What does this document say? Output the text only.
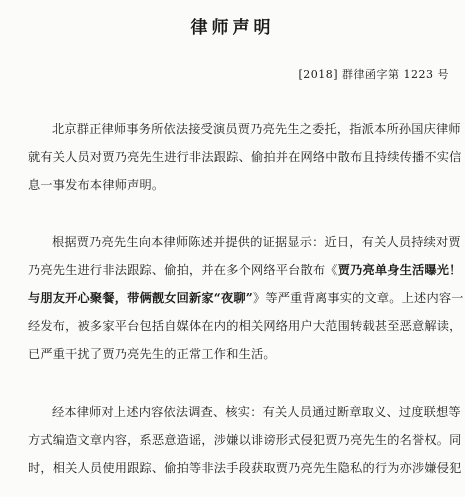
律师声明
[2018] 群律函字第 1223 号
北京群正律师事务所依法接受演员贾乃亮先生之委托，指派本所孙国庆律师
就有关人员对贾乃亮先生进行非法跟踪、偷拍并在网络中散布且持续传播不实信
息一事发布本律师声明。
根据贾乃亮先生向本律师陈述并提供的证据显示：近日，有关人员持续对贾
乃亮先生进行非法跟踪、偷拍，并在多个网络平台散布《贾乃亮单身生活曝光！
与朋友开心聚餐，带俩靓女回新家“夜聊”》等严重背离事实的文章。上述内容一
经发布，被多家平台包括自媒体在内的相关网络用户大范围转载甚至恶意解读，
已严重干扰了贾乃亮先生的正常工作和生活。
经本律师对上述内容依法调查、核实：有关人员通过断章取义、过度联想等
方式编造文章内容，系恶意造谣，涉嫌以诽谤形式侵犯贾乃亮先生的名誉权。同
时，相关人员使用跟踪、偷拍等非法手段获取贾乃亮先生隐私的行为亦涉嫌侵犯
